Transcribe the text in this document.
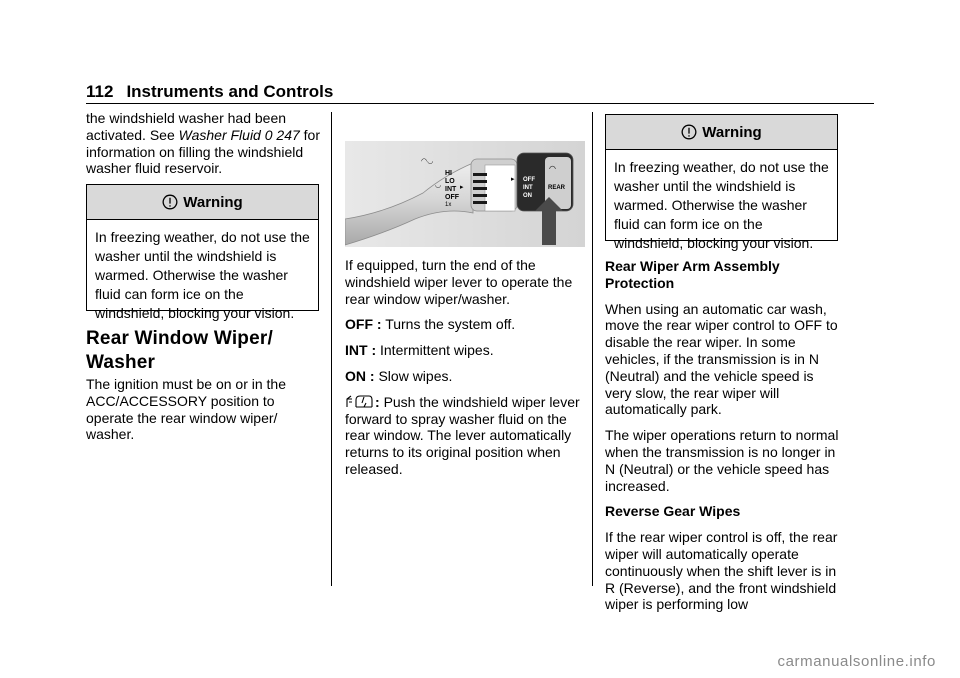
112 Instruments and Controls

the windshield washer had been activated. See Washer Fluid 0 247 for information on filling the windshield washer fluid reservoir.

Warning
In freezing weather, do not use the washer until the windshield is warmed. Otherwise the washer fluid can form ice on the windshield, blocking your vision.
Rear Window Wiper/ Washer

The ignition must be on or in the ACC/ACCESSORY position to operate the rear window wiper/ washer.

◠◡
HI
LO
INT
OFF
1x
◡	▸
▸ OFF
INT
ON
REAR
◠

If equipped, turn the end of the windshield wiper lever to operate the rear window wiper/washer.

OFF : Turns the system off.

INT : Intermittent wipes.

ON : Slow wipes.

: Push the windshield wiper lever forward to spray washer fluid on the rear window. The lever automatically returns to its original position when released.

Warning
In freezing weather, do not use the washer until the windshield is warmed. Otherwise the washer fluid can form ice on the windshield, blocking your vision.

Rear Wiper Arm Assembly Protection

When using an automatic car wash, move the rear wiper control to OFF to disable the rear wiper. In some vehicles, if the transmission is in N (Neutral) and the vehicle speed is very slow, the rear wiper will automatically park.

The wiper operations return to normal when the transmission is no longer in N (Neutral) or the vehicle speed has increased.

Reverse Gear Wipes

If the rear wiper control is off, the rear wiper will automatically operate continuously when the shift lever is in R (Reverse), and the front windshield wiper is performing low

carmanualsonline.info
